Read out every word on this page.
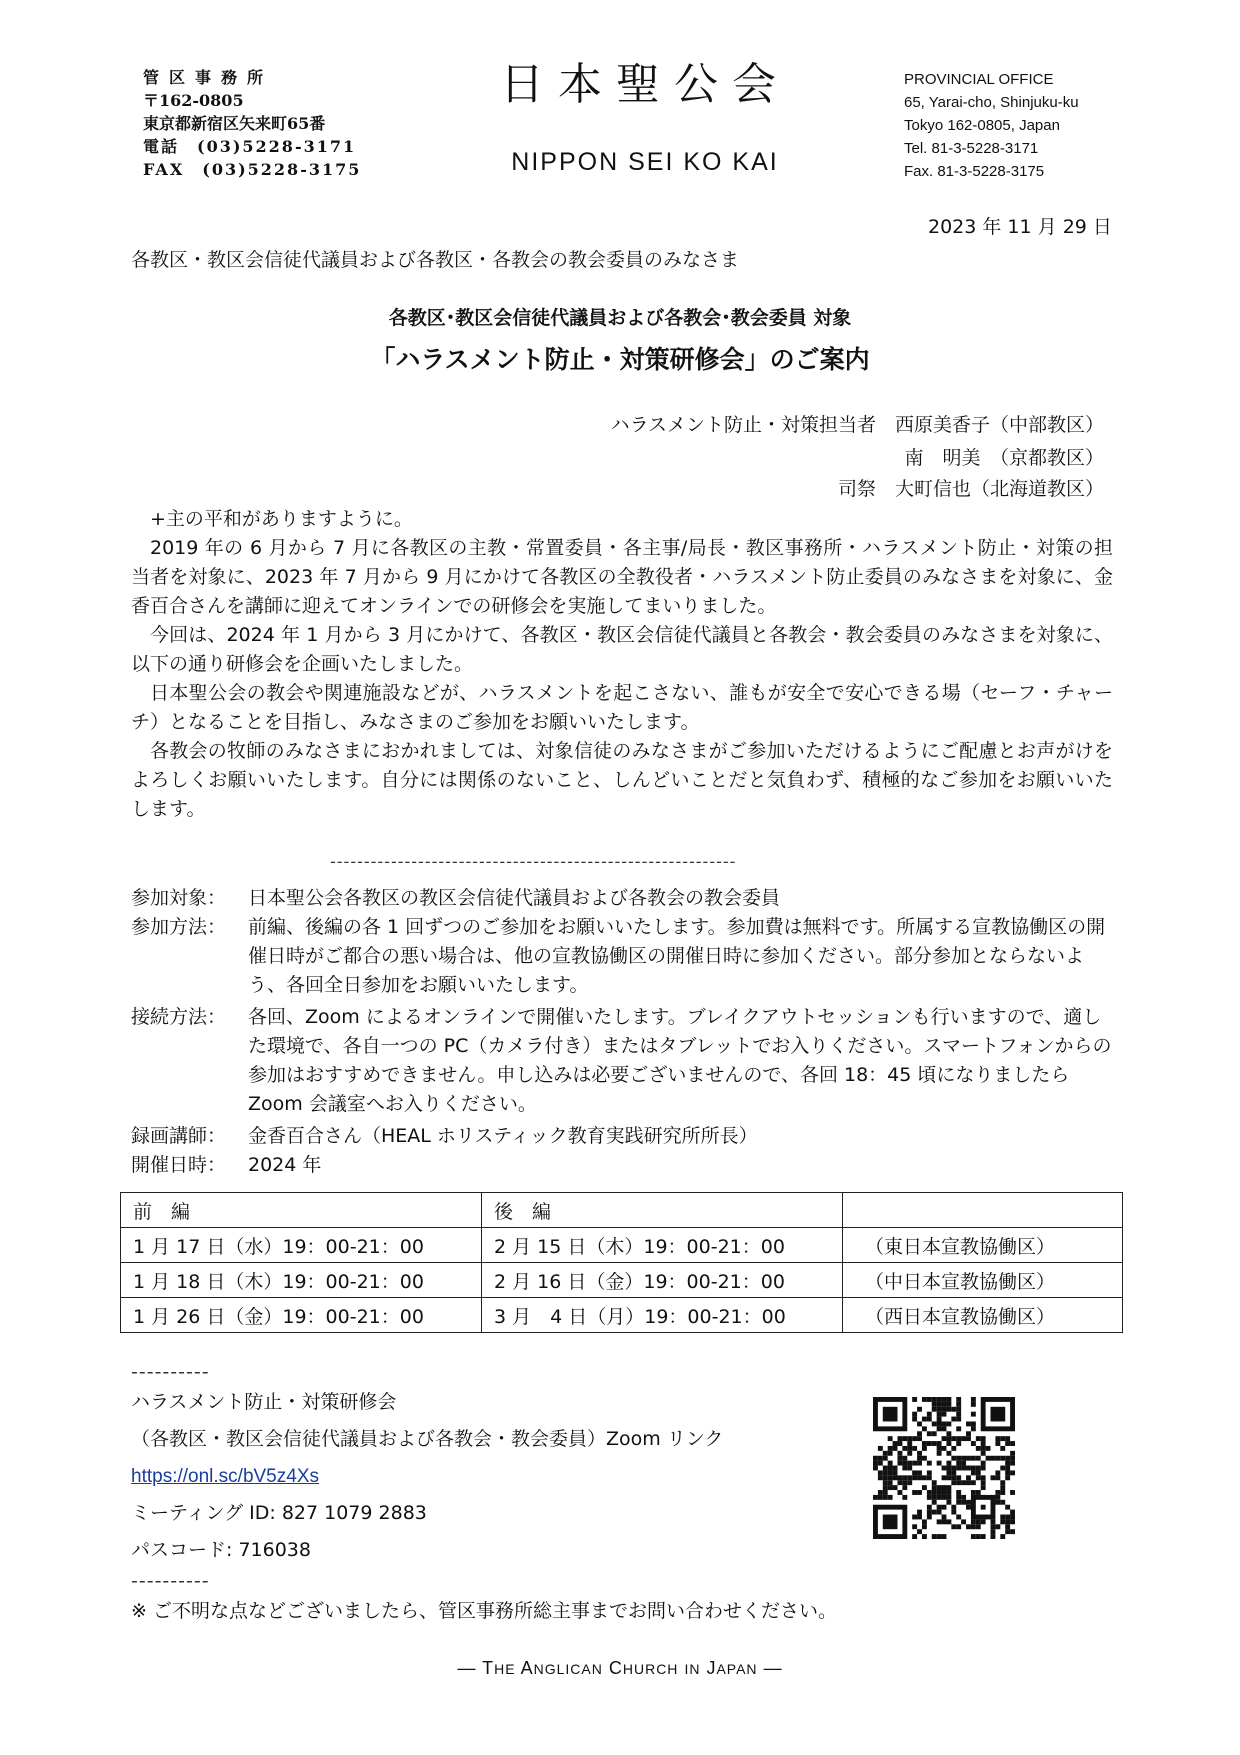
管区事務所
〒162-0805
東京都新宿区矢来町65番
電話　(03)5228-3171
FAX　(03)5228-3175
日本聖公会
NIPPON SEI KO KAI
PROVINCIAL OFFICE
65, Yarai-cho, Shinjuku-ku
Tokyo 162-0805, Japan
Tel. 81-3-5228-3171
Fax. 81-3-5228-3175
2023 年 11 月 29 日
各教区・教区会信徒代議員および各教区・各教会の教会委員のみなさま
各教区･教区会信徒代議員および各教会･教会委員 対象
「ハラスメント防止・対策研修会」のご案内
ハラスメント防止・対策担当者　西原美香子（中部教区）
南　明美　（京都教区）
司祭　大町信也（北海道教区）

+主の平和がありますように。

2019 年の 6 月から 7 月に各教区の主教・常置委員・各主事/局長・教区事務所・ハラスメント防止・対策の担当者を対象に、2023 年 7 月から 9 月にかけて各教区の全教役者・ハラスメント防止委員のみなさまを対象に、金香百合さんを講師に迎えてオンラインでの研修会を実施してまいりました。

今回は、2024 年 1 月から 3 月にかけて、各教区・教区会信徒代議員と各教会・教会委員のみなさまを対象に、以下の通り研修会を企画いたしました。

日本聖公会の教会や関連施設などが、ハラスメントを起こさない、誰もが安全で安心できる場（セーフ・チャーチ）となることを目指し、みなさまのご参加をお願いいたします。

各教会の牧師のみなさまにおかれましては、対象信徒のみなさまがご参加いただけるようにご配慮とお声がけをよろしくお願いいたします。自分には関係のないこと、しんどいことだと気負わず、積極的なご参加をお願いいたします。

------------------------------------------------------------
参加対象： 日本聖公会各教区の教区会信徒代議員および各教会の教会委員
参加方法： 前編、後編の各 1 回ずつのご参加をお願いいたします。参加費は無料です。所属する宣教協働区の開催日時がご都合の悪い場合は、他の宣教協働区の開催日時に参加ください。部分参加とならないよう、各回全日参加をお願いいたします。
接続方法： 各回、Zoom によるオンラインで開催いたします。ブレイクアウトセッションも行いますので、適した環境で、各自一つの PC（カメラ付き）またはタブレットでお入りください。スマートフォンからの参加はおすすめできません。申し込みは必要ございませんので、各回 18：45 頃になりましたら Zoom 会議室へお入りください。
録画講師： 金香百合さん（HEAL ホリスティック教育実践研究所所長）
開催日時： 2024 年
前　編	後　編	
1 月 17 日（水）19：00-21：00	2 月 15 日（木）19：00-21：00	（東日本宣教協働区）
1 月 18 日（木）19：00-21：00	2 月 16 日（金）19：00-21：00	（中日本宣教協働区）
1 月 26 日（金）19：00-21：00	3 月　4 日（月）19：00-21：00	（西日本宣教協働区）
----------
ハラスメント防止・対策研修会
（各教区・教区会信徒代議員および各教会・教会委員）Zoom リンク
https://onl.sc/bV5z4Xs
ミーティング ID: 827 1079 2883
パスコード: 716038
----------
※ ご不明な点などございましたら、管区事務所総主事までお問い合わせください。
— THE ANGLICAN CHURCH IN JAPAN —
